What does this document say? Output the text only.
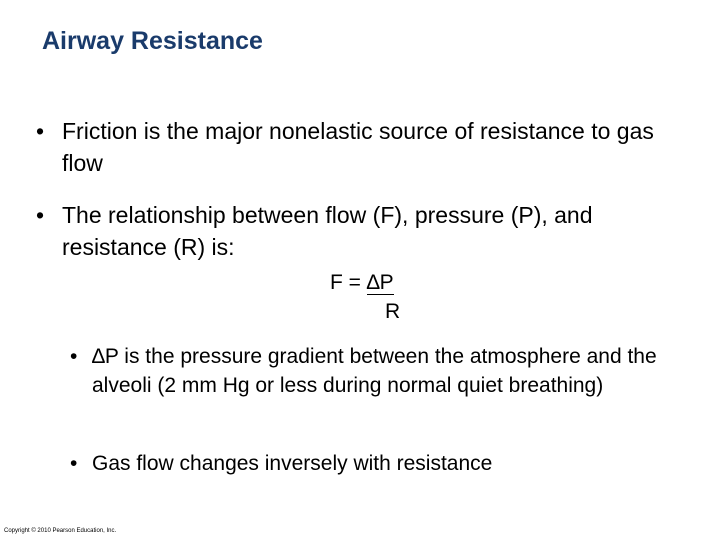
Airway Resistance
• Friction is the major nonelastic source of resistance to gas flow
• The relationship between flow (F), pressure (P), and resistance (R) is:
F = ∆P
R
• ∆P is the pressure gradient between the atmosphere and the alveoli (2 mm Hg or less during normal quiet breathing)
• Gas flow changes inversely with resistance
Copyright © 2010 Pearson Education, Inc.
